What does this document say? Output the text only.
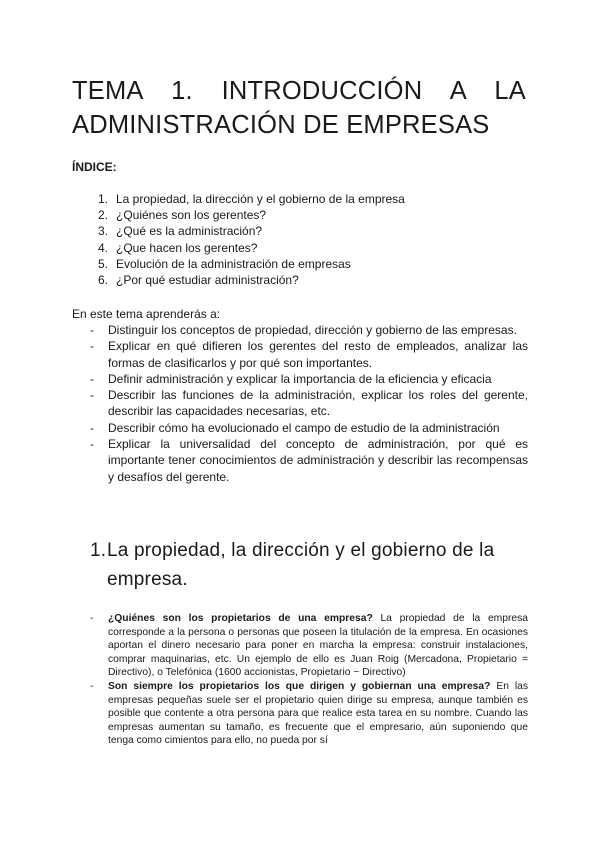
TEMA 1. INTRODUCCIÓN A LA
ADMINISTRACIÓN DE EMPRESAS

ÍNDICE:

1. La propiedad, la dirección y el gobierno de la empresa
2. ¿Quiénes son los gerentes?
3. ¿Qué es la administración?
4. ¿Que hacen los gerentes?
5. Evolución de la administración de empresas
6. ¿Por qué estudiar administración?

En este tema aprenderás a:

- Distinguir los conceptos de propiedad, dirección y gobierno de las empresas.
- Explicar en qué difieren los gerentes del resto de empleados, analizar las formas de clasificarlos y por qué son importantes.
- Definir administración y explicar la importancia de la eficiencia y eficacia
- Describir las funciones de la administración, explicar los roles del gerente, describir las capacidades necesarias, etc.
- Describir cómo ha evolucionado el campo de estudio de la administración
- Explicar la universalidad del concepto de administración, por qué es importante tener conocimientos de administración y describir las recompensas y desafíos del gerente.
1. La propiedad, la dirección y el gobierno de la empresa.
- ¿Quiénes son los propietarios de una empresa? La propiedad de la empresa corresponde a la persona o personas que poseen la titulación de la empresa. En ocasiones aportan el dinero necesario para poner en marcha la empresa: construir instalaciones, comprar maquinarias, etc. Un ejemplo de ello es Juan Roig (Mercadona, Propietario = Directivo), o Telefónica (1600 accionistas, Propietario ~ Directivo)
- Son siempre los propietarios los que dirigen y gobiernan una empresa? En las empresas pequeñas suele ser el propietario quien dirige su empresa, aunque también es posible que contente a otra persona para que realice esta tarea en su nombre. Cuando las empresas aumentan su tamaño, es frecuente que el empresario, aún suponiendo que tenga como cimientos para ello, no pueda por sí
